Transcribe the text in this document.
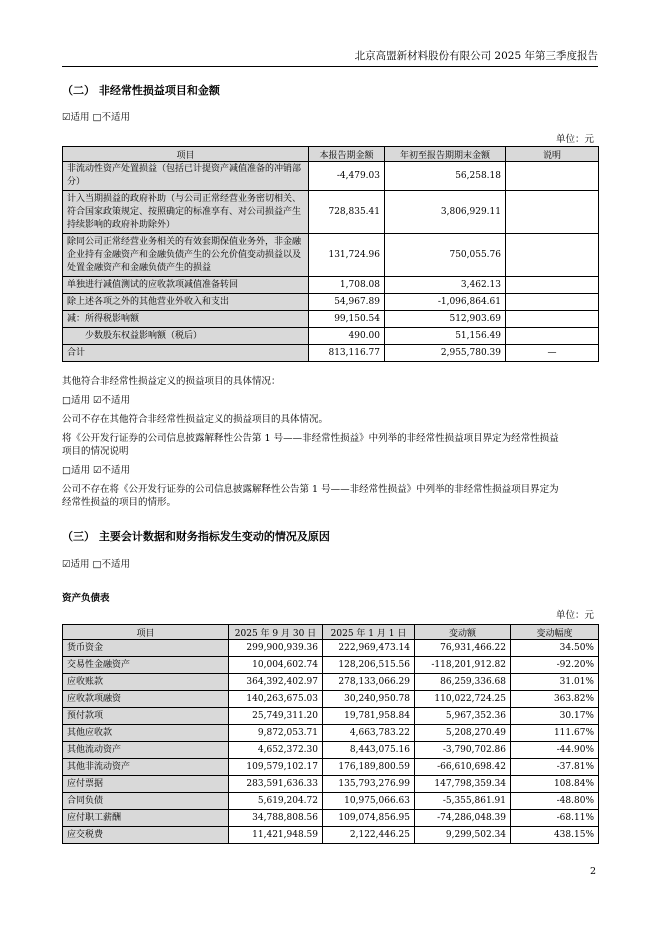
北京高盟新材料股份有限公司 2025 年第三季度报告
（二） 非经常性损益项目和金额
☑适用 □不适用
单位：元
项目	本报告期金额	年初至报告期期末金额	说明
非流动性资产处置损益（包括已计提资产减值准备的冲销部分）	-4,479.03	56,258.18	
计入当期损益的政府补助（与公司正常经营业务密切相关、符合国家政策规定、按照确定的标准享有、对公司损益产生持续影响的政府补助除外）	728,835.41	3,806,929.11	
除同公司正常经营业务相关的有效套期保值业务外，非金融企业持有金融资产和金融负债产生的公允价值变动损益以及处置金融资产和金融负债产生的损益	131,724.96	750,055.76	
单独进行减值测试的应收款项减值准备转回	1,708.08	3,462.13	
除上述各项之外的其他营业外收入和支出	54,967.89	-1,096,864.61	
减：所得税影响额	99,150.54	512,903.69	
少数股东权益影响额（税后）	490.00	51,156.49	
合计	813,116.77	2,955,780.39	—
其他符合非经常性损益定义的损益项目的具体情况：
□适用 ☑不适用
公司不存在其他符合非经常性损益定义的损益项目的具体情况。
将《公开发行证券的公司信息披露解释性公告第 1 号——非经常性损益》中列举的非经常性损益项目界定为经常性损益
项目的情况说明
□适用 ☑不适用
公司不存在将《公开发行证券的公司信息披露解释性公告第 1 号——非经常性损益》中列举的非经常性损益项目界定为
经常性损益的项目的情形。
（三） 主要会计数据和财务指标发生变动的情况及原因
☑适用 □不适用
资产负债表
单位：元
项目	2025 年 9 月 30 日	2025 年 1 月 1 日	变动额	变动幅度
货币资金	299,900,939.36	222,969,473.14	76,931,466.22	34.50%
交易性金融资产	10,004,602.74	128,206,515.56	-118,201,912.82	-92.20%
应收账款	364,392,402.97	278,133,066.29	86,259,336.68	31.01%
应收款项融资	140,263,675.03	30,240,950.78	110,022,724.25	363.82%
预付款项	25,749,311.20	19,781,958.84	5,967,352.36	30.17%
其他应收款	9,872,053.71	4,663,783.22	5,208,270.49	111.67%
其他流动资产	4,652,372.30	8,443,075.16	-3,790,702.86	-44.90%
其他非流动资产	109,579,102.17	176,189,800.59	-66,610,698.42	-37.81%
应付票据	283,591,636.33	135,793,276.99	147,798,359.34	108.84%
合同负债	5,619,204.72	10,975,066.63	-5,355,861.91	-48.80%
应付职工薪酬	34,788,808.56	109,074,856.95	-74,286,048.39	-68.11%
应交税费	11,421,948.59	2,122,446.25	9,299,502.34	438.15%
2
